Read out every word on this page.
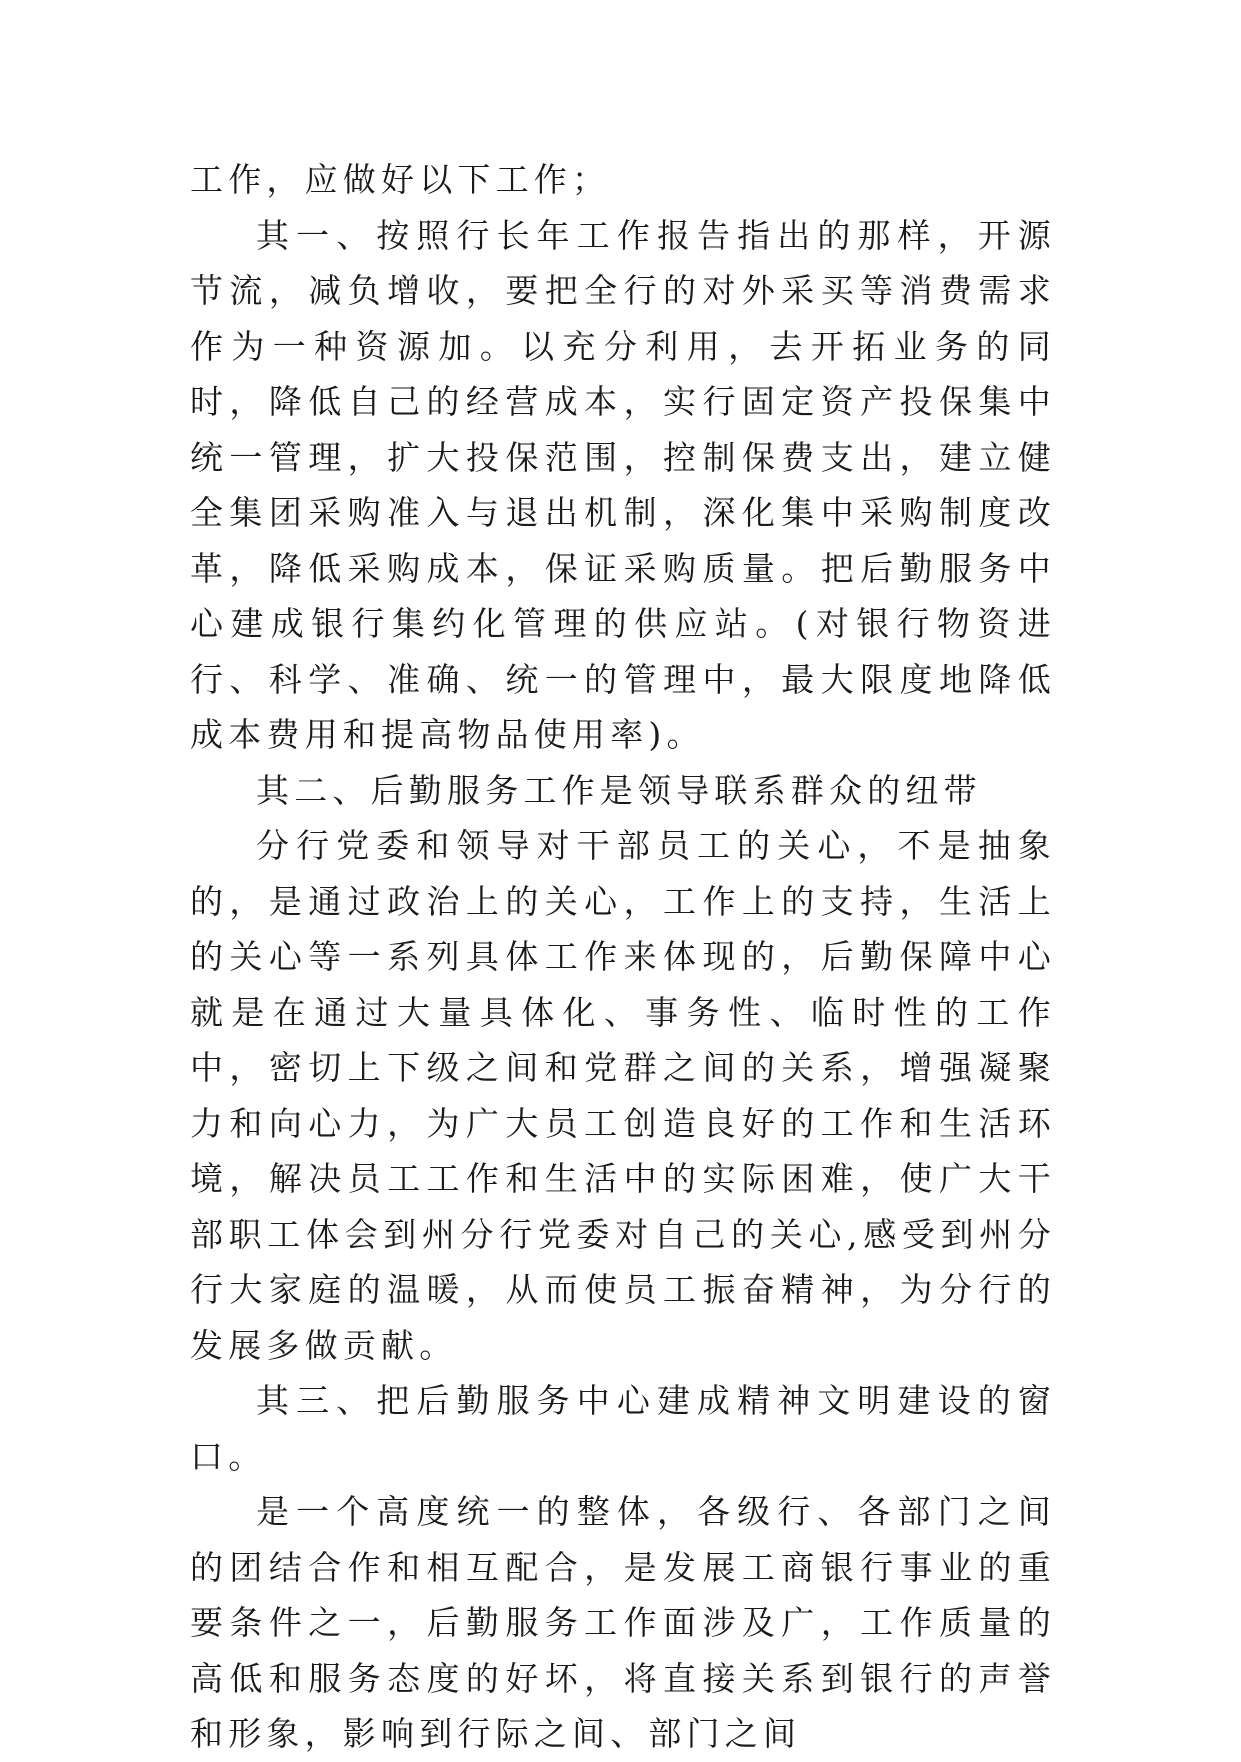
工作，应做好以下工作；

其一、按照行长年工作报告指出的那样，开源节流，减负增收，要把全行的对外采买等消费需求作为一种资源加。以充分利用，去开拓业务的同时，降低自己的经营成本，实行固定资产投保集中统一管理，扩大投保范围，控制保费支出，建立健全集团采购准入与退出机制，深化集中采购制度改革，降低采购成本，保证采购质量。把后勤服务中心建成银行集约化管理的供应站。(对银行物资进行、科学、准确、统一的管理中，最大限度地降低成本费用和提高物品使用率)。

其二、后勤服务工作是领导联系群众的纽带

分行党委和领导对干部员工的关心，不是抽象的，是通过政治上的关心，工作上的支持，生活上的关心等一系列具体工作来体现的，后勤保障中心就是在通过大量具体化、事务性、临时性的工作中，密切上下级之间和党群之间的关系，增强凝聚力和向心力，为广大员工创造良好的工作和生活环境，解决员工工作和生活中的实际困难，使广大干部职工体会到州分行党委对自己的关心,感受到州分行大家庭的温暖，从而使员工振奋精神，为分行的发展多做贡献。

其三、把后勤服务中心建成精神文明建设的窗口。

是一个高度统一的整体，各级行、各部门之间的团结合作和相互配合，是发展工商银行事业的重要条件之一，后勤服务工作面涉及广，工作质量的高低和服务态度的好坏，将直接关系到银行的声誉和形象，影响到行际之间、部门之间
